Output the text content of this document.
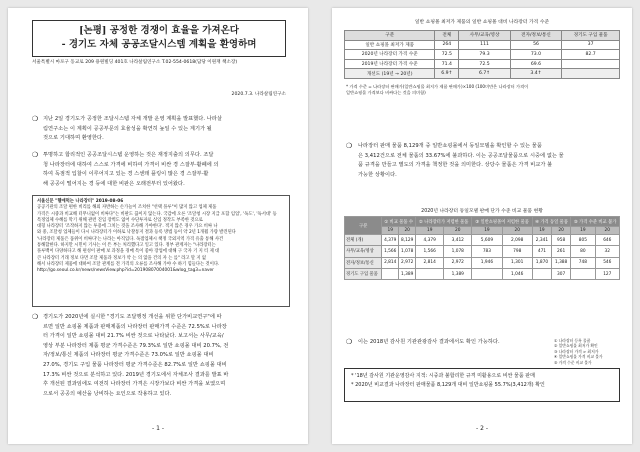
[논평] 공정한 경쟁이 효율을 가져온다
- 경기도 자체 공공조달시스템 계획을 환영하며
서울특별시 마포구 동교로 209 용원빌딩 401호 나라살림연구소 T.02-554-0618(담당 이원재 책소장)
2020.7.3. 나라살림연구소
❍ 지난 2일 경기도가 공정한 조달시스템 자체 개발 운영 계획을 발표했다. 나라살
림연구소는 이 계획이 공공부문의 효율성을 확연히 높일 수 있는 계기가 될
것으로 기대하며 환영한다.
❍ 투명하고 합리적인 공공조달시스템 운영하는 것은 재정지출의 의무다. 조달
청 나라장터에 대하여 스스로 가격에 비하여 가격이 비싼 경 스잘부·활폐에 의
하여 독점적 입찰이 이루어지고 있는 경 스센돼 플링이 많은 경 스잘부·활
해 공공이 떨어지는 경 등에 대한 비판은 오래전부터 있어왔다.
서울신문 "헬애먹는 나라장터" 2019-08-06
공공기관의 조달 편한 비리를 해외 자반하는 손가늘이 조치한 "선택 플루"이 많지 않고 업체 제품
가격은 시중과 비교해 터무니없이 비싸다"는 비판도 끊이지 않는다. 국감에 오른 '조달청 시장 지급 포함 임업', '독도', '독서대' 등
특정업체 수혜를 막기 위해 관련 진입 장벽도 없어 수단투자로 신입 정작도 부족한 것으로
대형 나라장터 '조작하지 않는 투용에 그치는 것을 조사해 가야한다'. 적지 않은 경우 가요 비싸 나
와 중, 조달청 업체들이 다시 나라장터가 이하로 낙찰통지 결과 등록 방법 등이 약 2년 1개월 가량 발견된다
'나라장터 제품은 품위이 비싸다'는 나라는 아직입다. 독점업체시 책정 국외지역 가격 유출 통해 사건
통해합한다. 하지만 시민이 기사는 이 뜬 부는 처리했다고 일고 있다. 정부 관계자는 "나라장터는
플루백이 다양하다고 해 편성이 판매 보 과정을 경매 특이 좋아 장업에 대해 구 국자 기 지 티 제 대
큰 나라장터 거래 정보 다면 조달 제품과 정보가 약 는 의 않을 건의 자 는 를" 라고 말 지 없
해서 나라장터 제품에 대하여 조달 관계를 전 가격의 오류를 조사해 가야 수 하기 힘들다는 것이다.
http://go.seoul.co.kr/news/newsView.php?id=20190807004001&wlog_tag3=naver
❍ 경기도가 2020년에 실시한 "경기도 조달행정 개선을 위한 단가비교연구"에 따
르면 일반 쇼핑몰 제품과 판매제품의 나라장터 판매가격 수준은 72.5%로 나라장
터 가격이 일반 쇼핑몰 대비 21.7% 비싼 것으로 나타났다. 보고서는 사무/교육/
영상 부분 나라장터 제품 평균 가격수준은 79.3%로 일반 쇼핑몰 대비 20.7%, 전
자/정보/통신 제품의 나라장터 평균 가격수준은 73.0%로 일반 쇼핑몰 대비
27.0%, 경기도 구입 물품 나라장터 평균 가격수준은 82.7%로 일반 쇼핑몰 대비
17.3% 비싼 것으로 분석하고 있다. 2019년 경기도에서 자체조사 결과를 발표 바
후 개선된 결과임에도 여전히 나라장터 가격은 시장가보다 비싼 가격을 보였으며
으로서 공공의 예산을 낭비하는 요인으로 작용하고 있다.
- 1 -
일반 쇼핑몰 최저가 제품의 일반 쇼핑몰 대비 나라장터 가격 수준
구분	전체	사무/교육/영상	전자/정보/통신	경기도 구입 물품
일반 쇼핑몰 최저가 제품	264	111	56	37
2020년 나라장터 가격 수준	72.5	79.3	73.0	82.7
2019년 나라장터 가격 수준	71.4	72.5	69.6	
개선도 (19년 → 20년)	6.9↑	6.7↑	3.4↑	
* 가격 수준 = 나라장터 판매가(일반쇼핑몰 최저가 제품 판매가)×100 (100미만은 나라장터 가격이
일반쇼핑몰 가격보다 비싸다는 것을 의미함)
❍ 나라장터 판매 물품 8,129개 중 일반쇼핑몰에서 동일모델을 확인할 수 있는 물품
은 3,412건으로 전체 물품의 33.67%에 불과하다. 이는 공공조달물품으로 시중에 없는 물
품 규격을 만들고 별도의 가격을 책정한 것을 의미한다. 상당수 물품은 가격 비교가 불
가능한 상황이다.
2020년 나라장터 동일모델 판매 단가 수준 비교 물품 현황
구분	① 비교 물품 수		② 나라장터가 저렴한 물품		③ 일반쇼핑몰이 저렴한 물품		④ 가격 동일 물품		⑤ 가격 수준 비교 불가	
	19	20	19	20	19	20	19	20	19	20
전체 (개)	4,379	8,129	4,379	3,412	5,609	2,098	2,341	958	805	646
사무/교육/영상	1,566	1,078	1,566	1,078	783	798	471	261	80	32
전자/정보/통신	2,814	2,972	2,814	2,972	1,946	1,301	1,870	1,388	748	546
경기도 구입 물품		1,389		1,389		1,046		307		127
① 나라장터 등록 물품
② 일반쇼핑몰 최저가 확인
③ 나라장터 가격 > 최저가
④ 일반쇼핑몰 가격 비교 불가
⑤ 가격 수준 비교 불가
❍ 이는 2018년 감사원 기관관광감사 결과에서도 확인 가능하다.
* '18년 감사원 기관운영감사 지적: 시중과 불합리한 규격 미활용으로 비싼 물품 판매
* 2020년 비교결과 나라장터 판매물품 8,129개 대비 일반쇼핑몰 55.7%(3,412개) 확인
- 2 -
